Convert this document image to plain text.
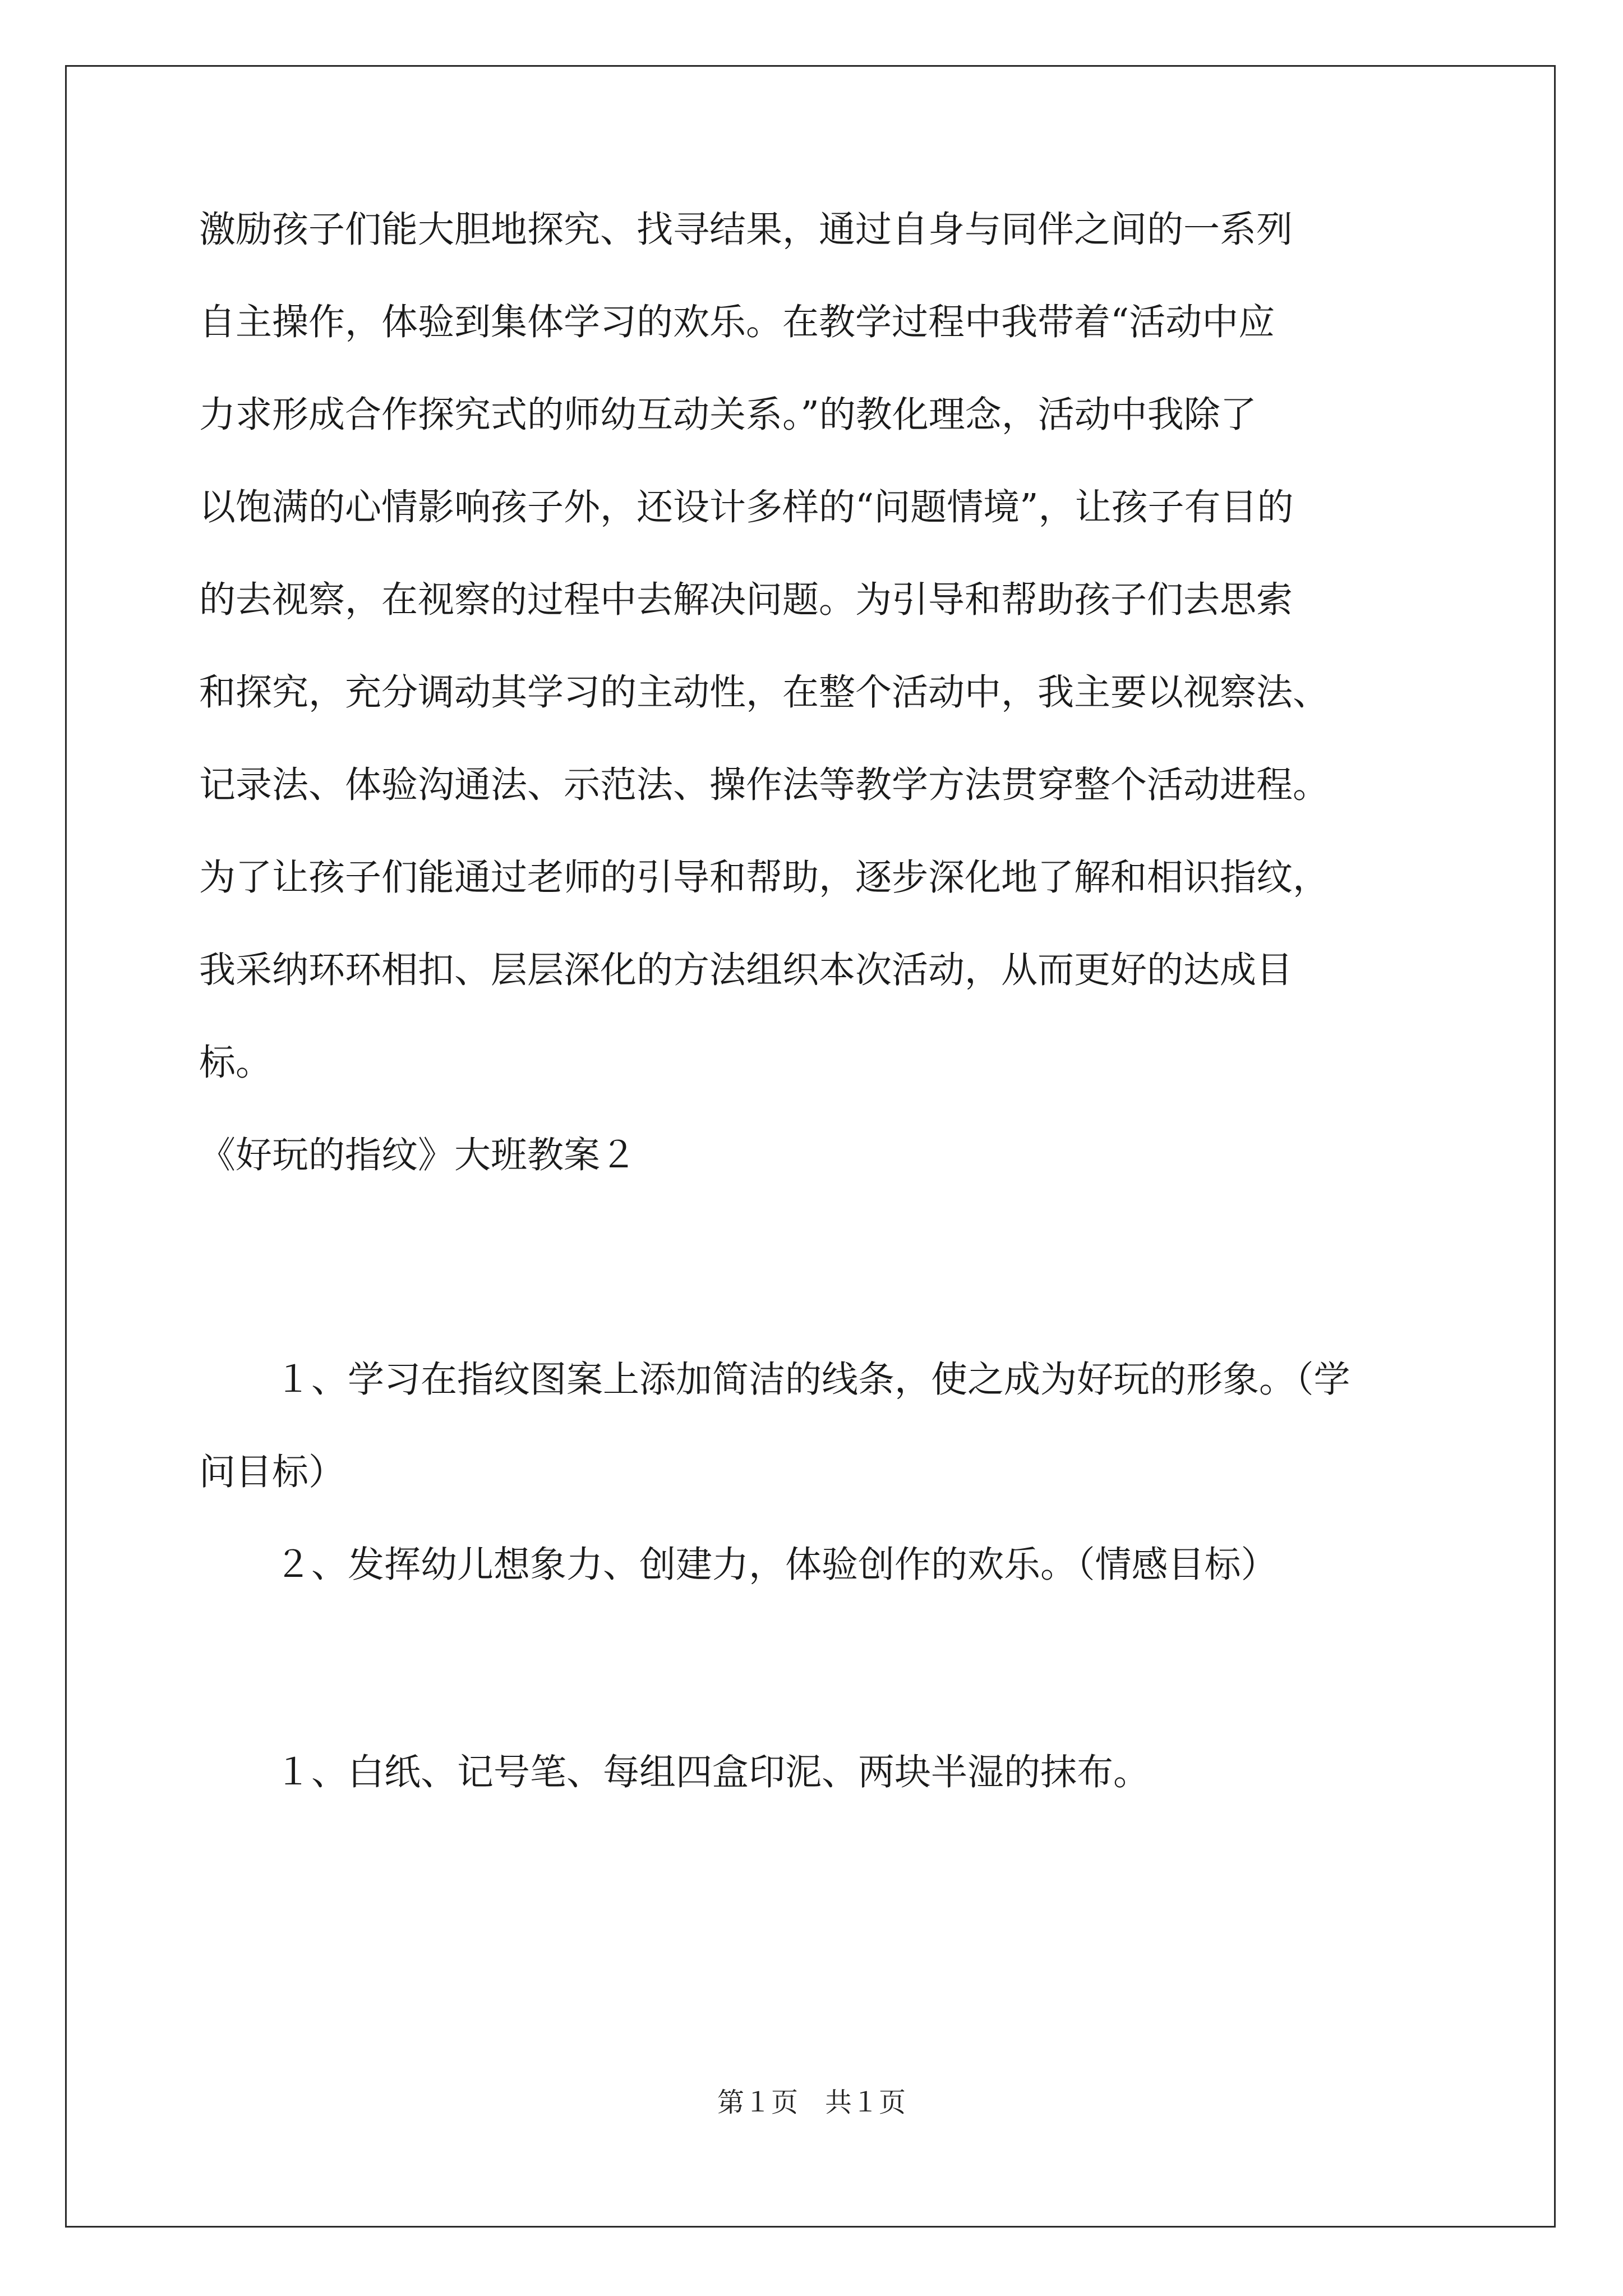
激励孩子们能大胆地探究、找寻结果，通过自身与同伴之间的一系列
自主操作，体验到集体学习的欢乐。在教学过程中我带着“活动中应
力求形成合作探究式的师幼互动关系。”的教化理念，活动中我除了
以饱满的心情影响孩子外，还设计多样的“问题情境”，让孩子有目的
的去视察，在视察的过程中去解决问题。为引导和帮助孩子们去思索
和探究，充分调动其学习的主动性，在整个活动中，我主要以视察法、
记录法、体验沟通法、示范法、操作法等教学方法贯穿整个活动进程。
为了让孩子们能通过老师的引导和帮助，逐步深化地了解和相识指纹，
我采纳环环相扣、层层深化的方法组织本次活动，从而更好的达成目
标。
《好玩的指纹》大班教案２
１、学习在指纹图案上添加简洁的线条，使之成为好玩的形象。（学
问目标）
２、发挥幼儿想象力、创建力，体验创作的欢乐。（情感目标）
１、白纸、记号笔、每组四盒印泥、两块半湿的抹布。
第１页　共１页
